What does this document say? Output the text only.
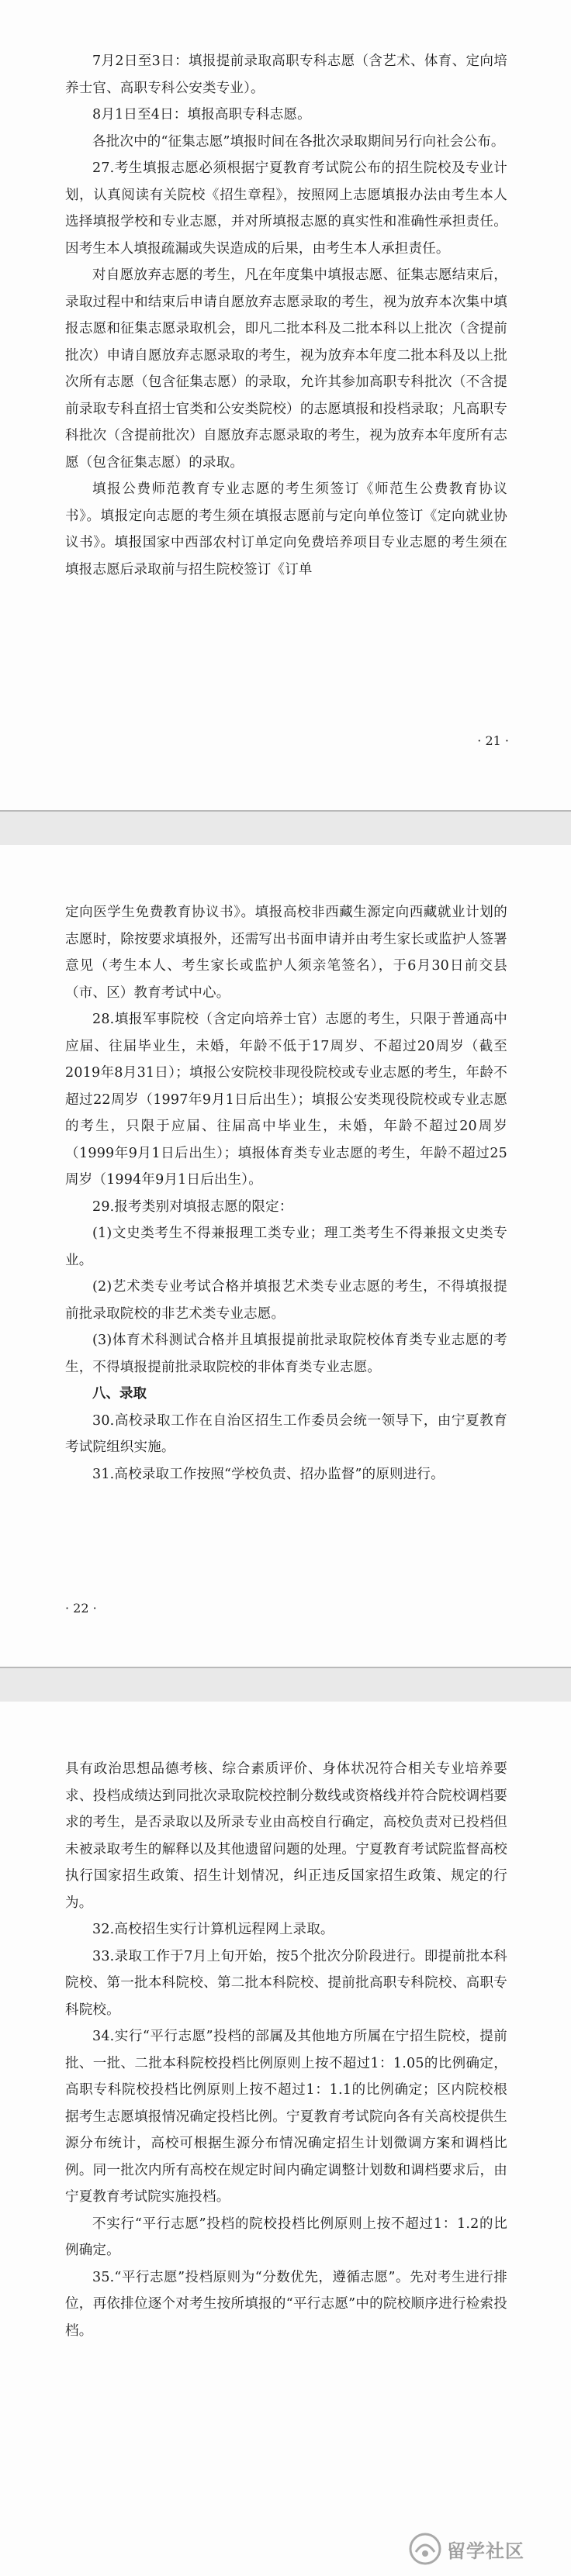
7月2日至3日：填报提前录取高职专科志愿（含艺术、体育、定向培养士官、高职专科公安类专业）。

8月1日至4日：填报高职专科志愿。

各批次中的“征集志愿”填报时间在各批次录取期间另行向社会公布。

27.考生填报志愿必须根据宁夏教育考试院公布的招生院校及专业计划，认真阅读有关院校《招生章程》，按照网上志愿填报办法由考生本人选择填报学校和专业志愿，并对所填报志愿的真实性和准确性承担责任。因考生本人填报疏漏或失误造成的后果，由考生本人承担责任。

对自愿放弃志愿的考生，凡在年度集中填报志愿、征集志愿结束后，录取过程中和结束后申请自愿放弃志愿录取的考生，视为放弃本次集中填报志愿和征集志愿录取机会，即凡二批本科及二批本科以上批次（含提前批次）申请自愿放弃志愿录取的考生，视为放弃本年度二批本科及以上批次所有志愿（包含征集志愿）的录取，允许其参加高职专科批次（不含提前录取专科直招士官类和公安类院校）的志愿填报和投档录取；凡高职专科批次（含提前批次）自愿放弃志愿录取的考生，视为放弃本年度所有志愿（包含征集志愿）的录取。

填报公费师范教育专业志愿的考生须签订《师范生公费教育协议书》。填报定向志愿的考生须在填报志愿前与定向单位签订《定向就业协议书》。填报国家中西部农村订单定向免费培养项目专业志愿的考生须在填报志愿后录取前与招生院校签订《订单

· 21 ·

定向医学生免费教育协议书》。填报高校非西藏生源定向西藏就业计划的志愿时，除按要求填报外，还需写出书面申请并由考生家长或监护人签署意见（考生本人、考生家长或监护人须亲笔签名），于6月30日前交县（市、区）教育考试中心。

28.填报军事院校（含定向培养士官）志愿的考生，只限于普通高中应届、往届毕业生，未婚，年龄不低于17周岁、不超过20周岁（截至2019年8月31日）；填报公安院校非现役院校或专业志愿的考生，年龄不超过22周岁（1997年9月1日后出生）；填报公安类现役院校或专业志愿的考生，只限于应届、往届高中毕业生，未婚，年龄不超过20周岁（1999年9月1日后出生）；填报体育类专业志愿的考生，年龄不超过25周岁（1994年9月1日后出生）。

29.报考类别对填报志愿的限定：

(1)文史类考生不得兼报理工类专业；理工类考生不得兼报文史类专业。

(2)艺术类专业考试合格并填报艺术类专业志愿的考生，不得填报提前批录取院校的非艺术类专业志愿。

(3)体育术科测试合格并且填报提前批录取院校体育类专业志愿的考生，不得填报提前批录取院校的非体育类专业志愿。

八、录取

30.高校录取工作在自治区招生工作委员会统一领导下，由宁夏教育考试院组织实施。

31.高校录取工作按照“学校负责、招办监督”的原则进行。

· 22 ·

具有政治思想品德考核、综合素质评价、身体状况符合相关专业培养要求、投档成绩达到同批次录取院校控制分数线或资格线并符合院校调档要求的考生，是否录取以及所录专业由高校自行确定，高校负责对已投档但未被录取考生的解释以及其他遗留问题的处理。宁夏教育考试院监督高校执行国家招生政策、招生计划情况，纠正违反国家招生政策、规定的行为。

32.高校招生实行计算机远程网上录取。

33.录取工作于7月上旬开始，按5个批次分阶段进行。即提前批本科院校、第一批本科院校、第二批本科院校、提前批高职专科院校、高职专科院校。

34.实行“平行志愿”投档的部属及其他地方所属在宁招生院校，提前批、一批、二批本科院校投档比例原则上按不超过1：1.05的比例确定，高职专科院校投档比例原则上按不超过1：1.1的比例确定；区内院校根据考生志愿填报情况确定投档比例。宁夏教育考试院向各有关高校提供生源分布统计，高校可根据生源分布情况确定招生计划微调方案和调档比例。同一批次内所有高校在规定时间内确定调整计划数和调档要求后，由宁夏教育考试院实施投档。

不实行“平行志愿”投档的院校投档比例原则上按不超过1：1.2的比例确定。

35.“平行志愿”投档原则为“分数优先，遵循志愿”。先对考生进行排位，再依排位逐个对考生按所填报的“平行志愿”中的院校顺序进行检索投档。

留学社区
